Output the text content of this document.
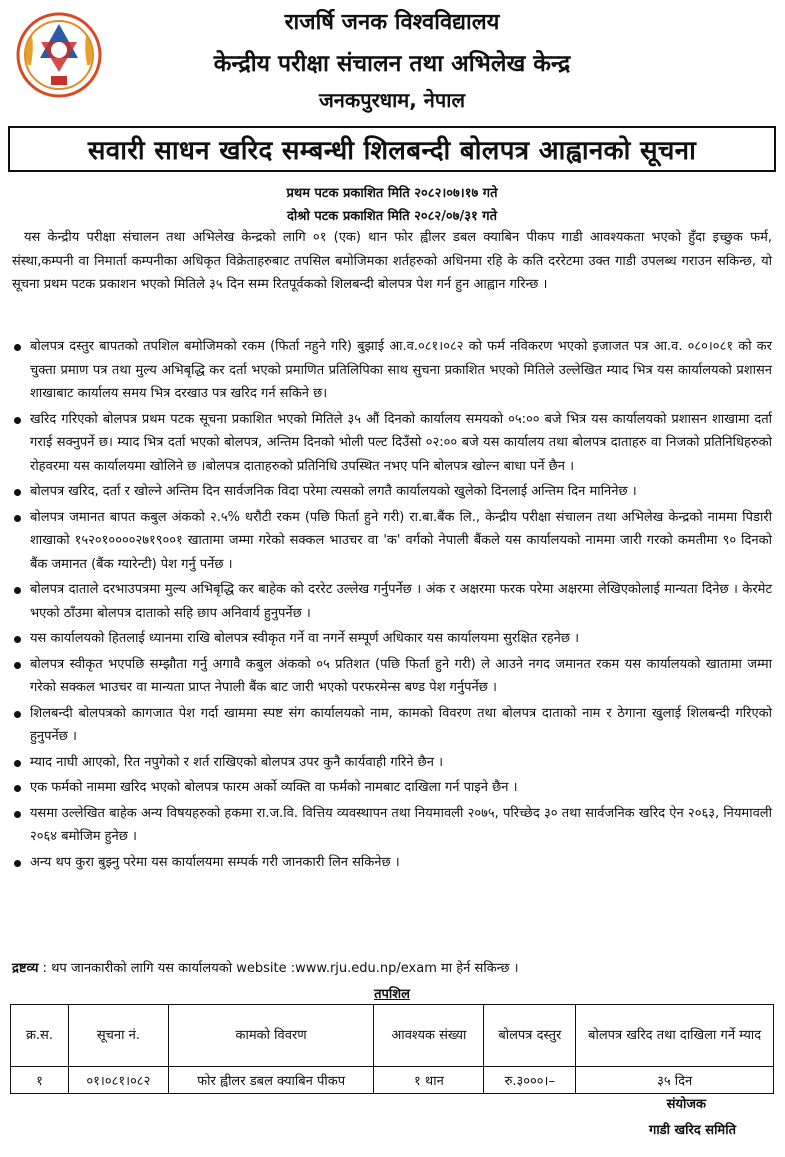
राजर्षि जनक विश्वविद्यालय
केन्द्रीय परीक्षा संचालन तथा अभिलेख केन्द्र
जनकपुरधाम, नेपाल
सवारी साधन खरिद सम्बन्धी शिलबन्दी बोलपत्र आह्वानको सूचना
प्रथम पटक प्रकाशित मिति २०८२।०७।१७ गते
दोश्रो पटक प्रकाशित मिति २०८२/०७/३१ गते

यस केन्द्रीय परीक्षा संचालन तथा अभिलेख केन्द्रको लागि ०१ (एक) थान फोर ह्वीलर डबल क्याबिन पीकप गाडी आवश्यकता भएको हुँदा इच्छुक फर्म, संस्था,कम्पनी वा निमार्ता कम्पनीका अधिकृत विक्रेताहरुबाट तपसिल बमोजिमका शर्तहरुको अधिनमा रहि के कति दररेटमा उक्त गाडी उपलब्ध गराउन सकिन्छ, यो सूचना प्रथम पटक प्रकाशन भएको मितिले ३५ दिन सम्म रितपूर्वकको शिलबन्दी बोलपत्र पेश गर्न हुन आह्वान गरिन्छ ।

बोलपत्र दस्तुर बापतको तपशिल बमोजिमको रकम (फिर्ता नहुने गरि) बुझाई आ.व.०८१।०८२ को फर्म नविकरण भएको इजाजत पत्र आ.व. ०८०।०८१ को कर चुक्ता प्रमाण पत्र तथा मुल्य अभिबृद्धि कर दर्ता भएको प्रमाणित प्रतिलिपिका साथ सुचना प्रकाशित भएको मितिले उल्लेखित म्याद भित्र यस कार्यालयको प्रशासन शाखाबाट कार्यालय समय भित्र दरखाउ पत्र खरिद गर्न सकिने छ।
खरिद गरिएको बोलपत्र प्रथम पटक सूचना प्रकाशित भएको मितिले ३५ औं दिनको कार्यालय समयको ०५:०० बजे भित्र यस कार्यालयको प्रशासन शाखामा दर्ता गराई सक्नुपर्ने छ। म्याद भित्र दर्ता भएको बोलपत्र, अन्तिम दिनको भोली पल्ट दिउँसो ०२:०० बजे यस कार्यालय तथा बोलपत्र दाताहरु वा निजको प्रतिनिधिहरुको रोहवरमा यस कार्यालयमा खोलिने छ ।बोलपत्र दाताहरुको प्रतिनिधि उपस्थित नभए पनि बोलपत्र खोल्न बाधा पर्ने छैन ।
बोलपत्र खरिद, दर्ता र खोल्ने अन्तिम दिन सार्वजनिक विदा परेमा त्यसको लगतै कार्यालयको खुलेको दिनलाई अन्तिम दिन मानिनेछ ।
बोलपत्र जमानत बापत कबुल अंकको २.५% धरौटी रकम (पछि फिर्ता हुने गरी) रा.बा.बैंक लि., केन्द्रीय परीक्षा संचालन तथा अभिलेख केन्द्रको नाममा पिडारी शाखाको १५२०१००००२७१९००१ खातामा जम्मा गरेको सक्कल भाउचर वा 'क' वर्गको नेपाली बैंकले यस कार्यालयको नाममा जारी गरको कमतीमा ९० दिनको बैंक जमानत (बैंक ग्यारेन्टी) पेश गर्नु पर्नेछ ।
बोलपत्र दाताले दरभाउपत्रमा मुल्य अभिबृद्धि कर बाहेक को दररेट उल्लेख गर्नुपर्नेछ । अंक र अक्षरमा फरक परेमा अक्षरमा लेखिएकोलाई मान्यता दिनेछ । केरमेट भएको ठाँउमा बोलपत्र दाताको सहि छाप अनिवार्य हुनुपर्नेछ ।
यस कार्यालयको हितलाई ध्यानमा राखि बोलपत्र स्वीकृत गर्ने वा नगर्ने सम्पूर्ण अधिकार यस कार्यालयमा सुरक्षित रहनेछ ।
बोलपत्र स्वीकृत भएपछि सम्झौता गर्नु अगावै कबुल अंकको ०५ प्रतिशत (पछि फिर्ता हुने गरी) ले आउने नगद जमानत रकम यस कार्यालयको खातामा जम्मा गरेको सक्कल भाउचर वा मान्यता प्राप्त नेपाली बैंक बाट जारी भएको परफरमेन्स बण्ड पेश गर्नुपर्नेछ ।
शिलबन्दी बोलपत्रको कागजात पेश गर्दा खाममा स्पष्ट संग कार्यालयको नाम, कामको विवरण तथा बोलपत्र दाताको नाम र ठेगाना खुलाई शिलबन्दी गरिएको हुनुपर्नेछ ।
म्याद नाघी आएको, रित नपुगेको र शर्त राखिएको बोलपत्र उपर कुनै कार्यवाही गरिने छैन ।
एक फर्मको नाममा खरिद भएको बोलपत्र फारम अर्को व्यक्ति वा फर्मको नामबाट दाखिला गर्न पाइने छैन ।
यसमा उल्लेखित बाहेक अन्य विषयहरुको हकमा रा.ज.वि. वित्तिय व्यवस्थापन तथा नियमावली २०७५, परिच्छेद ३० तथा सार्वजनिक खरिद ऐन २०६३, नियमावली २०६४ बमोजिम हुनेछ ।
अन्य थप कुरा बुझ्नु परेमा यस कार्यालयमा सम्पर्क गरी जानकारी लिन सकिनेछ ।
द्रष्टव्य : थप जानकारीको लागि यस कार्यालयको website :www.rju.edu.np/exam मा हेर्न सकिन्छ ।
तपशिल
क्र.स.	सूचना नं.	कामको विवरण	आवश्यक संख्या	बोलपत्र दस्तुर	बोलपत्र खरिद तथा दाखिला गर्ने म्याद
१	०१।०८१।०८२	फोर ह्वीलर डबल क्याबिन पीकप	१ थान	रु.३०००।–	३५ दिन
संयोजक
गाडी खरिद समिति
